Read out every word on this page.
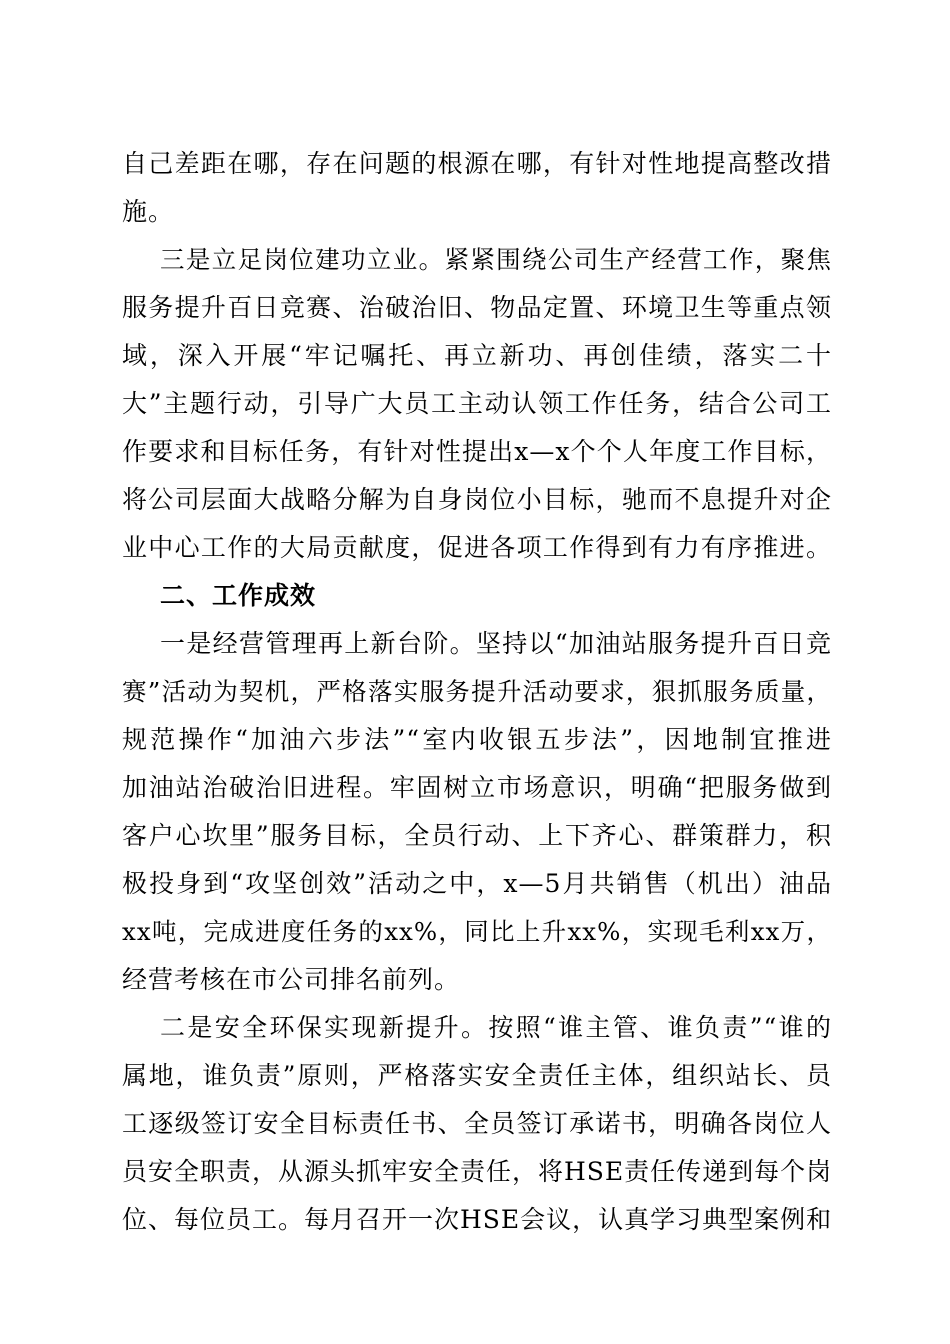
自己差距在哪，存在问题的根源在哪，有针对性地提高整改措
施。
三是立足岗位建功立业。紧紧围绕公司生产经营工作，聚焦
服务提升百日竞赛、治破治旧、物品定置、环境卫生等重点领
域，深入开展“牢记嘱托、再立新功、再创佳绩，落实二十
大”主题行动，引导广大员工主动认领工作任务，结合公司工
作要求和目标任务，有针对性提出x—x个个人年度工作目标，
将公司层面大战略分解为自身岗位小目标，驰而不息提升对企
业中心工作的大局贡献度，促进各项工作得到有力有序推进。
二、工作成效
一是经营管理再上新台阶。坚持以“加油站服务提升百日竞
赛”活动为契机，严格落实服务提升活动要求，狠抓服务质量，
规范操作“加油六步法”“室内收银五步法”，因地制宜推进
加油站治破治旧进程。牢固树立市场意识，明确“把服务做到
客户心坎里”服务目标，全员行动、上下齐心、群策群力，积
极投身到“攻坚创效”活动之中，x—5月共销售（机出）油品
xx吨，完成进度任务的xx%，同比上升xx%，实现毛利xx万，
经营考核在市公司排名前列。
二是安全环保实现新提升。按照“谁主管、谁负责”“谁的
属地，谁负责”原则，严格落实安全责任主体，组织站长、员
工逐级签订安全目标责任书、全员签订承诺书，明确各岗位人
员安全职责，从源头抓牢安全责任，将HSE责任传递到每个岗
位、每位员工。每月召开一次HSE会议，认真学习典型案例和
